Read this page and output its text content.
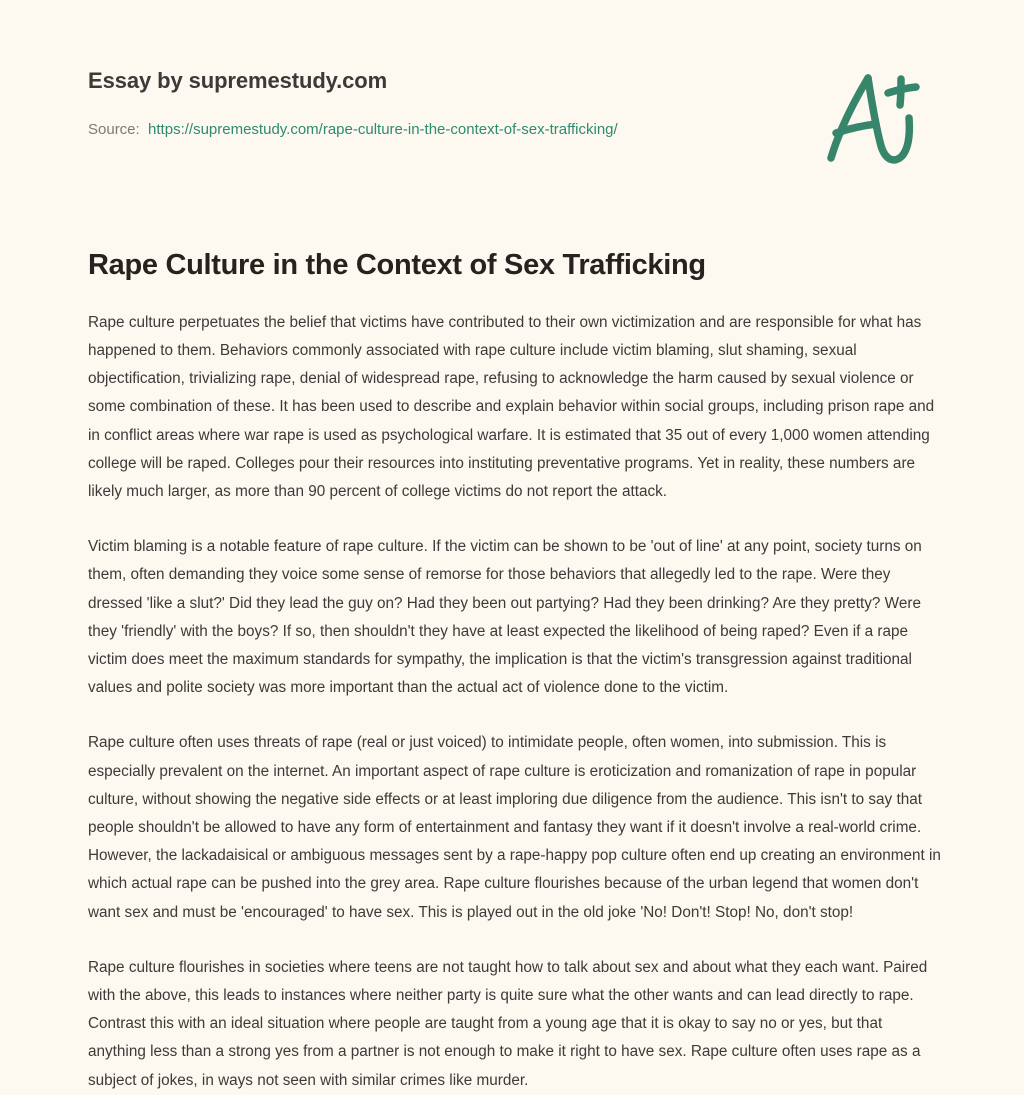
Essay by supremestudy.com
Source: https://supremestudy.com/rape-culture-in-the-context-of-sex-trafficking/
Rape Culture in the Context of Sex Trafficking

Rape culture perpetuates the belief that victims have contributed to their own victimization and are responsible for what has happened to them. Behaviors commonly associated with rape culture include victim blaming, slut shaming, sexual objectification, trivializing rape, denial of widespread rape, refusing to acknowledge the harm caused by sexual violence or some combination of these. It has been used to describe and explain behavior within social groups, including prison rape and in conflict areas where war rape is used as psychological warfare. It is estimated that 35 out of every 1,000 women attending college will be raped. Colleges pour their resources into instituting preventative programs. Yet in reality, these numbers are likely much larger, as more than 90 percent of college victims do not report the attack.

Victim blaming is a notable feature of rape culture. If the victim can be shown to be 'out of line' at any point, society turns on them, often demanding they voice some sense of remorse for those behaviors that allegedly led to the rape. Were they dressed 'like a slut?' Did they lead the guy on? Had they been out partying? Had they been drinking? Are they pretty? Were they 'friendly' with the boys? If so, then shouldn't they have at least expected the likelihood of being raped? Even if a rape victim does meet the maximum standards for sympathy, the implication is that the victim's transgression against traditional values and polite society was more important than the actual act of violence done to the victim.

Rape culture often uses threats of rape (real or just voiced) to intimidate people, often women, into submission. This is especially prevalent on the internet. An important aspect of rape culture is eroticization and romanization of rape in popular culture, without showing the negative side effects or at least imploring due diligence from the audience. This isn't to say that people shouldn't be allowed to have any form of entertainment and fantasy they want if it doesn't involve a real-world crime. However, the lackadaisical or ambiguous messages sent by a rape-happy pop culture often end up creating an environment in which actual rape can be pushed into the grey area. Rape culture flourishes because of the urban legend that women don't want sex and must be 'encouraged' to have sex. This is played out in the old joke 'No! Don't! Stop! No, don't stop!

Rape culture flourishes in societies where teens are not taught how to talk about sex and about what they each want. Paired with the above, this leads to instances where neither party is quite sure what the other wants and can lead directly to rape. Contrast this with an ideal situation where people are taught from a young age that it is okay to say no or yes, but that anything less than a strong yes from a partner is not enough to make it right to have sex. Rape culture often uses rape as a subject of jokes, in ways not seen with similar crimes like murder.
